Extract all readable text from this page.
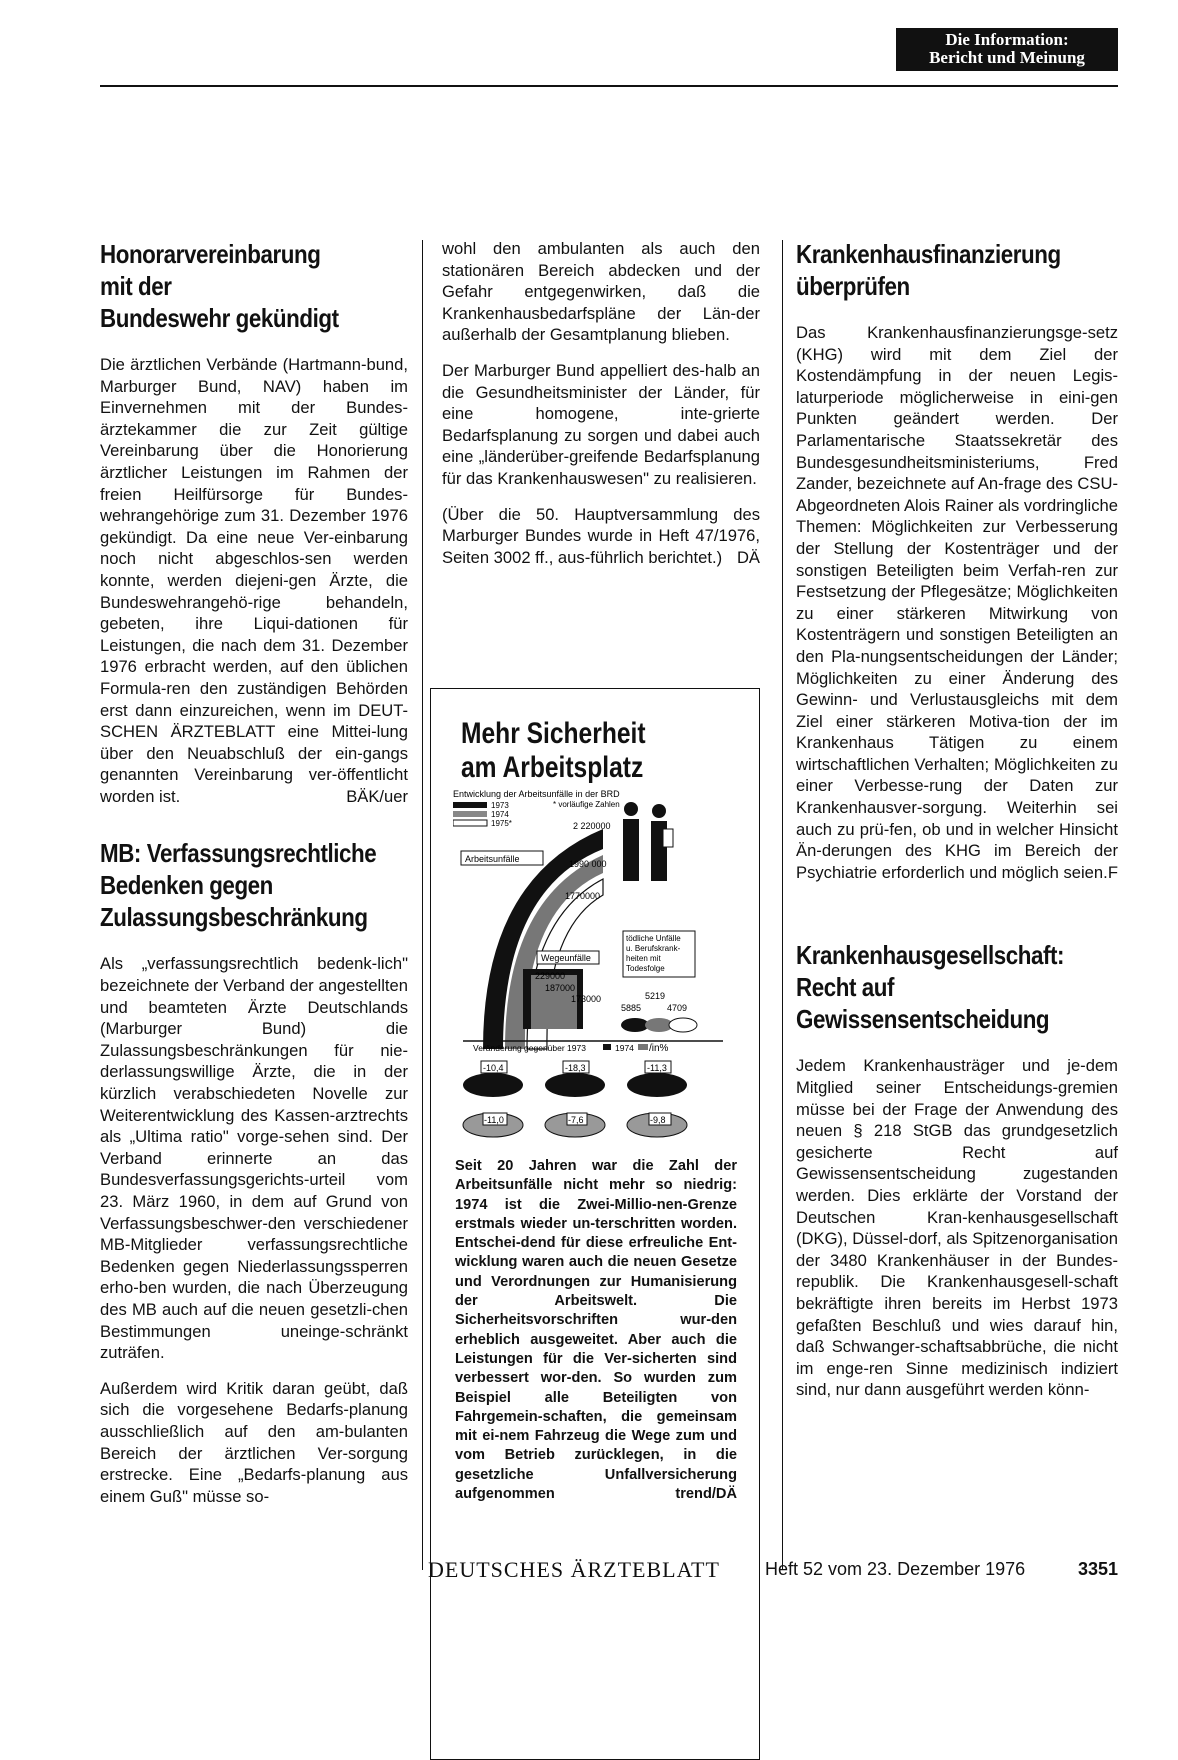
Die Information:
Bericht und Meinung
Honorarvereinbarung
mit der
Bundeswehr gekündigt

Die ärztlichen Verbände (Hartmann-bund, Marburger Bund, NAV) haben im Einvernehmen mit der Bundes-ärztekammer die zur Zeit gültige Vereinbarung über die Honorierung ärztlicher Leistungen im Rahmen der freien Heilfürsorge für Bundes-wehrangehörige zum 31. Dezember 1976 gekündigt. Da eine neue Ver-einbarung noch nicht abgeschlos-sen werden konnte, werden diejeni-gen Ärzte, die Bundeswehrangehö-rige behandeln, gebeten, ihre Liqui-dationen für Leistungen, die nach dem 31. Dezember 1976 erbracht werden, auf den üblichen Formula-ren den zuständigen Behörden erst dann einzureichen, wenn im DEUT-SCHEN ÄRZTEBLATT eine Mittei-lung über den Neuabschluß der ein-gangs genannten Vereinbarung ver-öffentlicht worden ist.	BÄK/uer

MB: Verfassungsrechtliche
Bedenken gegen
Zulassungsbeschränkung

Als „verfassungsrechtlich bedenk-lich" bezeichnete der Verband der angestellten und beamteten Ärzte Deutschlands (Marburger Bund) die Zulassungsbeschränkungen für nie-derlassungswillige Ärzte, die in der kürzlich verabschiedeten Novelle zur Weiterentwicklung des Kassen-arztrechts als „Ultima ratio" vorge-sehen sind. Der Verband erinnerte an das Bundesverfassungsgerichts-urteil vom 23. März 1960, in dem auf Grund von Verfassungsbeschwer-den verschiedener MB-Mitglieder verfassungsrechtliche Bedenken gegen Niederlassungssperren erho-ben wurden, die nach Überzeugung des MB auch auf die neuen gesetzli-chen Bestimmungen uneinge-schränkt zuträfen.

Außerdem wird Kritik daran geübt, daß sich die vorgesehene Bedarfs-planung ausschließlich auf den am-bulanten Bereich der ärztlichen Ver-sorgung erstrecke. Eine „Bedarfs-planung aus einem Guß" müsse so-

wohl den ambulanten als auch den stationären Bereich abdecken und der Gefahr entgegenwirken, daß die Krankenhausbedarfspläne der Län-der außerhalb der Gesamtplanung blieben.

Der Marburger Bund appelliert des-halb an die Gesundheitsminister der Länder, für eine homogene, inte-grierte Bedarfsplanung zu sorgen und dabei auch eine „länderüber-greifende Bedarfsplanung für das Krankenhauswesen" zu realisieren.

(Über die 50. Hauptversammlung des Marburger Bundes wurde in Heft 47/1976, Seiten 3002 ff., aus-führlich berichtet.) DÄ

Mehr Sicherheit
am Arbeitsplatz
Entwicklung der Arbeitsunfälle in der BRD
1973
1974
1975*
* vorläufige Zahlen
Arbeitsunfälle
2 220000
1990 000
1770000
Wegeunfälle
229000
187000
173000
tödliche Unfälle
u. Berufskrank-
heiten mit
Todesfolge
5219
5885	4709
Veränderung gegenüber 1973	1974 /in%
-10,4	-18,3	-11,3
-11,0	-7,6	-9,8
Seit 20 Jahren war die Zahl der Arbeitsunfälle nicht mehr so niedrig: 1974 ist die Zwei-Millio-nen-Grenze erstmals wieder un-terschritten worden. Entschei-dend für diese erfreuliche Ent-wicklung waren auch die neuen Gesetze und Verordnungen zur Humanisierung der Arbeitswelt. Die Sicherheitsvorschriften wur-den erheblich ausgeweitet. Aber auch die Leistungen für die Ver-sicherten sind verbessert wor-den. So wurden zum Beispiel alle Beteiligten von Fahrgemein-schaften, die gemeinsam mit ei-nem Fahrzeug die Wege zum und vom Betrieb zurücklegen, in die gesetzliche Unfallversicherung aufgenommen	trend/DÄ
Krankenhausfinanzierung
überprüfen

Das Krankenhausfinanzierungsge-setz (KHG) wird mit dem Ziel der Kostendämpfung in der neuen Legis-laturperiode möglicherweise in eini-gen Punkten geändert werden. Der Parlamentarische Staatssekretär des Bundesgesundheitsministeriums, Fred Zander, bezeichnete auf An-frage des CSU-Abgeordneten Alois Rainer als vordringliche Themen: Möglichkeiten zur Verbesserung der Stellung der Kostenträger und der sonstigen Beteiligten beim Verfah-ren zur Festsetzung der Pflegesätze; Möglichkeiten zu einer stärkeren Mitwirkung von Kostenträgern und sonstigen Beteiligten an den Pla-nungsentscheidungen der Länder; Möglichkeiten zu einer Änderung des Gewinn- und Verlustausgleichs mit dem Ziel einer stärkeren Motiva-tion der im Krankenhaus Tätigen zu einem wirtschaftlichen Verhalten; Möglichkeiten zu einer Verbesse-rung der Daten zur Krankenhausver-sorgung. Weiterhin sei auch zu prü-fen, ob und in welcher Hinsicht Än-derungen des KHG im Bereich der Psychiatrie erforderlich und möglich seien. F

Krankenhausgesellschaft:
Recht auf
Gewissensentscheidung

Jedem Krankenhausträger und je-dem Mitglied seiner Entscheidungs-gremien müsse bei der Frage der Anwendung des neuen § 218 StGB das grundgesetzlich gesicherte Recht auf Gewissensentscheidung zugestanden werden. Dies erklärte der Vorstand der Deutschen Kran-kenhausgesellschaft (DKG), Düssel-dorf, als Spitzenorganisation der 3480 Krankenhäuser in der Bundes-republik. Die Krankenhausgesell-schaft bekräftigte ihren bereits im Herbst 1973 gefaßten Beschluß und wies darauf hin, daß Schwanger-schaftsabbrüche, die nicht im enge-ren Sinne medizinisch indiziert sind, nur dann ausgeführt werden könn-

DEUTSCHES ÄRZTEBLATT	Heft 52 vom 23. Dezember 1976	3351
